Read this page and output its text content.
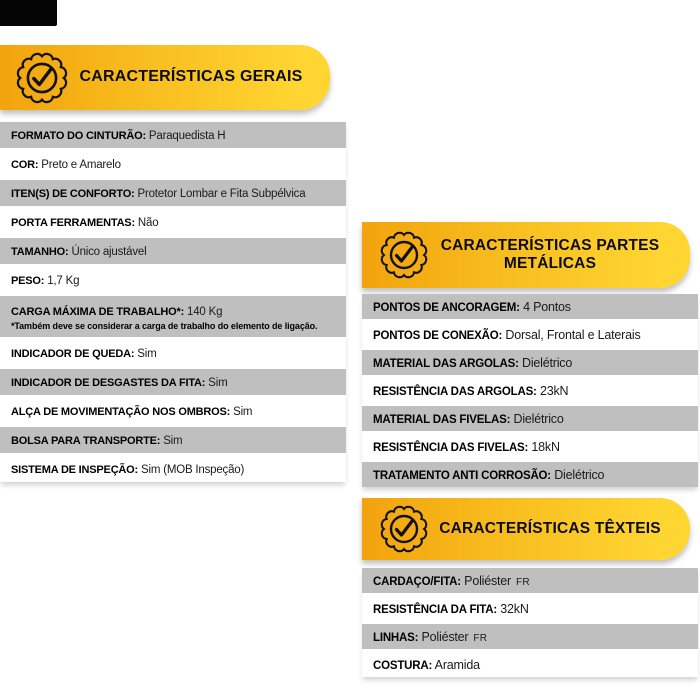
CARACTERÍSTICAS GERAIS
FORMATO DO CINTURÃO: Paraquedista H
COR: Preto e Amarelo
ITEN(S) DE CONFORTO: Protetor Lombar e Fita Subpélvica
PORTA FERRAMENTAS: Não
TAMANHO: Único ajustável
PESO: 1,7 Kg
CARGA MÁXIMA DE TRABALHO*: 140 Kg
*Também deve se considerar a carga de trabalho do elemento de ligação.
INDICADOR DE QUEDA: Sim
INDICADOR DE DESGASTES DA FITA: Sim
ALÇA DE MOVIMENTAÇÃO NOS OMBROS: Sim
BOLSA PARA TRANSPORTE: Sim
SISTEMA DE INSPEÇÃO: Sim (MOB Inspeção)
CARACTERÍSTICAS PARTES METÁLICAS
PONTOS DE ANCORAGEM: 4 Pontos
PONTOS DE CONEXÃO: Dorsal, Frontal e Laterais
MATERIAL DAS ARGOLAS: Dielétrico
RESISTÊNCIA DAS ARGOLAS: 23kN
MATERIAL DAS FIVELAS: Dielétrico
RESISTÊNCIA DAS FIVELAS: 18kN
TRATAMENTO ANTI CORROSÃO: Dielétrico
CARACTERÍSTICAS TÊXTEIS
CARDAÇO/FITA: Poliéster FR
RESISTÊNCIA DA FITA: 32kN
LINHAS: Poliéster FR
COSTURA: Aramida
